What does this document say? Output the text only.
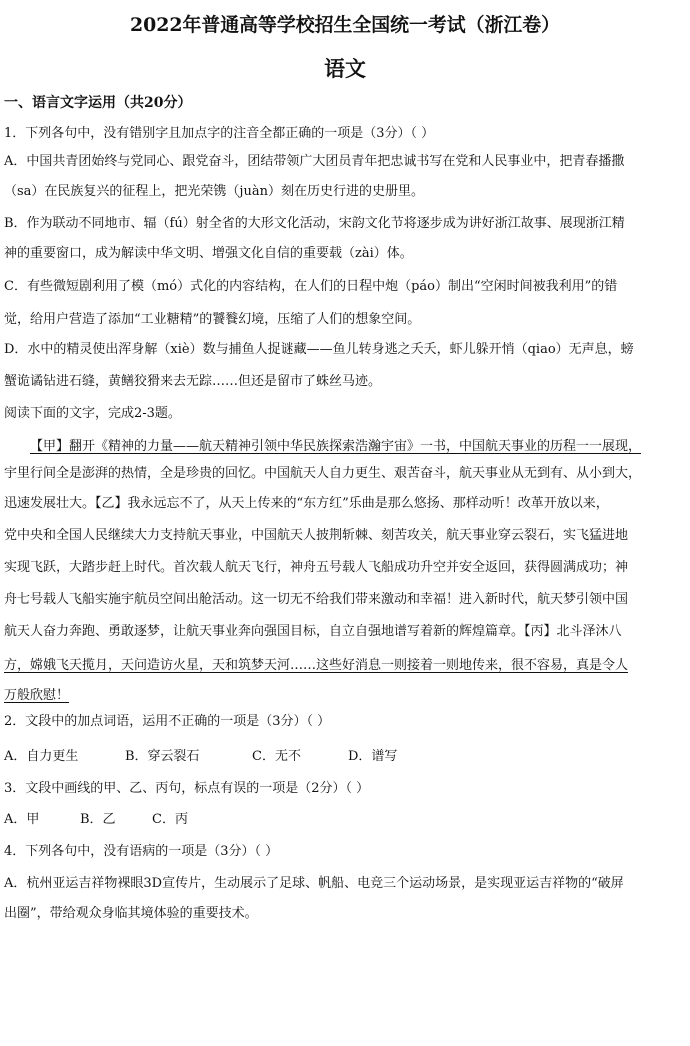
2022年普通高等学校招生全国统一考试（浙江卷）
语文
一、语言文字运用（共20分）
1．下列各句中，没有错别字且加点字的注音全都正确的一项是（3分）（ ）
A．中国共青团始终与党同心、跟党奋斗，团结带领广大团员青年把忠诚书写在党和人民事业中，把青春播撒
（sa）在民族复兴的征程上，把光荣镌（juàn）刻在历史行进的史册里。
B．作为联动不同地市、辐（fú）射全省的大形文化活动，宋韵文化节将逐步成为讲好浙江故事、展现浙江精
神的重要窗口，成为解读中华文明、增强文化自信的重要载（zài）体。
C．有些微短剧利用了模（mó）式化的内容结构，在人们的日程中炮（páo）制出“空闲时间被我利用”的错
觉，给用户营造了添加“工业糖精”的饕餮幻境，压缩了人们的想象空间。
D．水中的精灵使出浑身解（xiè）数与捕鱼人捉谜藏——鱼儿转身逃之夭夭，虾儿躲开悄（qiao）无声息，螃
蟹诡谲钻进石缝，黄鳝狡猾来去无踪……但还是留市了蛛丝马迹。
阅读下面的文字，完成2-3题。
【甲】翻开《精神的力量——航天精神引领中华民族探索浩瀚宇宙》一书，中国航天事业的历程一一展现，
宇里行间全是澎湃的热情，全是珍贵的回忆。中国航天人自力更生、艰苦奋斗，航天事业从无到有、从小到大，
迅速发展壮大。【乙】我永远忘不了，从天上传来的“东方红”乐曲是那么悠扬、那样动听！改革开放以来，
党中央和全国人民继续大力支持航天事业，中国航天人披荆斩棘、刻苦攻关，航天事业穿云裂石，实飞猛进地
实现飞跃，大踏步赶上时代。首次载人航天飞行，神舟五号载人飞船成功升空并安全返回，获得圆满成功；神
舟七号载人飞船实施宇航员空间出舱活动。这一切无不给我们带来激动和幸福！进入新时代，航天梦引领中国
航天人奋力奔跑、勇敢逐梦，让航天事业奔向强国目标，自立自强地谱写着新的辉煌篇章。【丙】北斗泽沐八
方，嫦娥飞天揽月，天问造访火星，天和筑梦天河……这些好消息一则接着一则地传来，很不容易，真是令人
万般欣慰！
2．文段中的加点词语，运用不正确的一项是（3分）（ ）
A．自力更生	B．穿云裂石	C．无不	D．谱写
3．文段中画线的甲、乙、丙句，标点有误的一项是（2分）（ ）
A．甲	B．乙	C．丙
4．下列各句中，没有语病的一项是（3分）（ ）
A．杭州亚运吉祥物裸眼3D宣传片，生动展示了足球、帆船、电竞三个运动场景，是实现亚运吉祥物的“破屏
出圈”，带给观众身临其境体验的重要技术。
